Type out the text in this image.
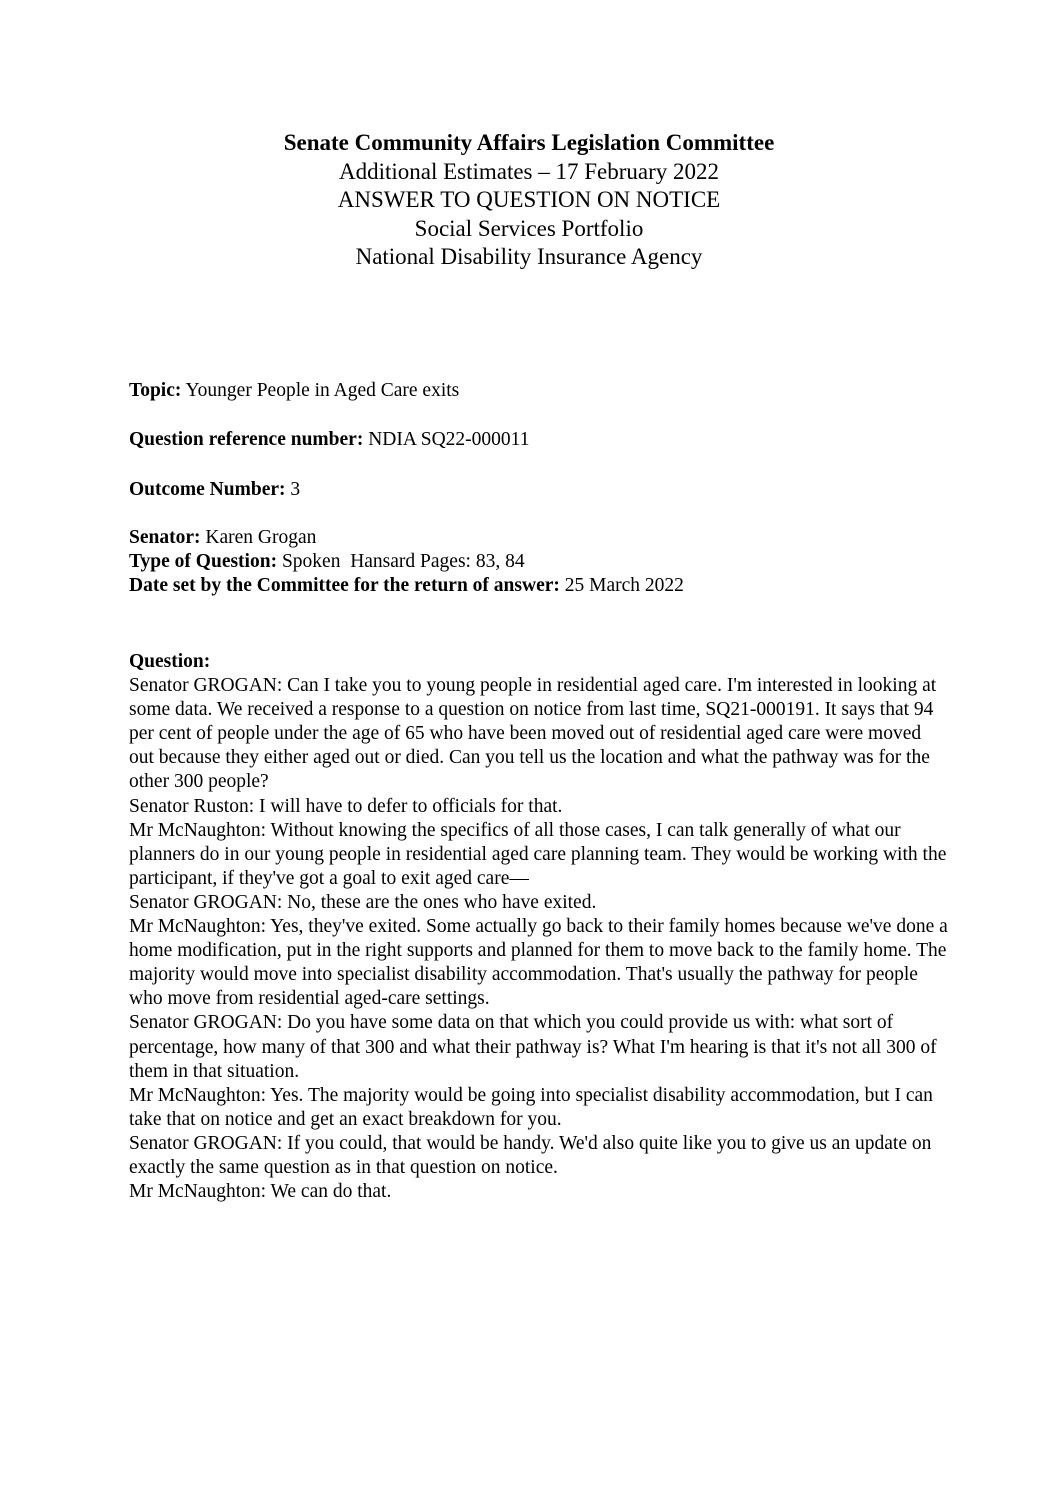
Senate Community Affairs Legislation Committee
Additional Estimates – 17 February 2022
ANSWER TO QUESTION ON NOTICE
Social Services Portfolio
National Disability Insurance Agency

Topic: Younger People in Aged Care exits

Question reference number: NDIA SQ22-000011

Outcome Number: 3

Senator: Karen Grogan

Type of Question: Spoken  Hansard Pages: 83, 84

Date set by the Committee for the return of answer: 25 March 2022

Question:

Senator GROGAN: Can I take you to young people in residential aged care. I'm interested in looking at some data. We received a response to a question on notice from last time, SQ21-000191. It says that 94 per cent of people under the age of 65 who have been moved out of residential aged care were moved out because they either aged out or died. Can you tell us the location and what the pathway was for the other 300 people?

Senator Ruston: I will have to defer to officials for that.

Mr McNaughton: Without knowing the specifics of all those cases, I can talk generally of what our planners do in our young people in residential aged care planning team. They would be working with the participant, if they've got a goal to exit aged care—

Senator GROGAN: No, these are the ones who have exited.

Mr McNaughton: Yes, they've exited. Some actually go back to their family homes because we've done a home modification, put in the right supports and planned for them to move back to the family home. The majority would move into specialist disability accommodation. That's usually the pathway for people who move from residential aged-care settings.

Senator GROGAN: Do you have some data on that which you could provide us with: what sort of percentage, how many of that 300 and what their pathway is? What I'm hearing is that it's not all 300 of them in that situation.

Mr McNaughton: Yes. The majority would be going into specialist disability accommodation, but I can take that on notice and get an exact breakdown for you.

Senator GROGAN: If you could, that would be handy. We'd also quite like you to give us an update on exactly the same question as in that question on notice.

Mr McNaughton: We can do that.
